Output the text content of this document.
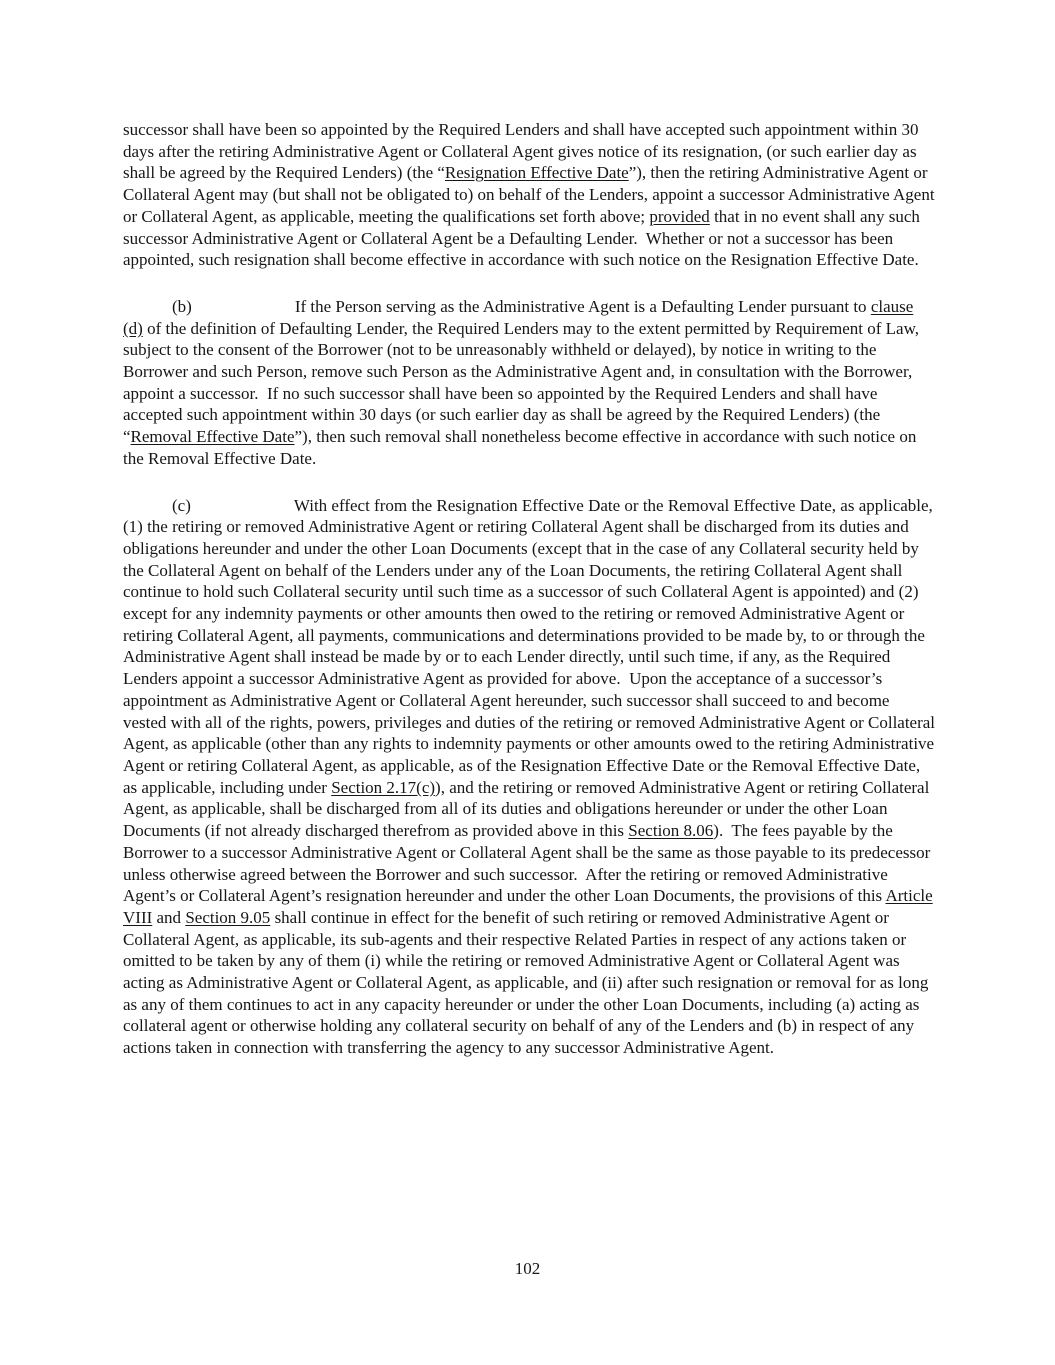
successor shall have been so appointed by the Required Lenders and shall have accepted such appointment within 30 days after the retiring Administrative Agent or Collateral Agent gives notice of its resignation, (or such earlier day as shall be agreed by the Required Lenders) (the “Resignation Effective Date”), then the retiring Administrative Agent or Collateral Agent may (but shall not be obligated to) on behalf of the Lenders, appoint a successor Administrative Agent or Collateral Agent, as applicable, meeting the qualifications set forth above; provided that in no event shall any such successor Administrative Agent or Collateral Agent be a Defaulting Lender.  Whether or not a successor has been appointed, such resignation shall become effective in accordance with such notice on the Resignation Effective Date.

(b)	If the Person serving as the Administrative Agent is a Defaulting Lender pursuant to clause (d) of the definition of Defaulting Lender, the Required Lenders may to the extent permitted by Requirement of Law, subject to the consent of the Borrower (not to be unreasonably withheld or delayed), by notice in writing to the Borrower and such Person, remove such Person as the Administrative Agent and, in consultation with the Borrower, appoint a successor.  If no such successor shall have been so appointed by the Required Lenders and shall have accepted such appointment within 30 days (or such earlier day as shall be agreed by the Required Lenders) (the “Removal Effective Date”), then such removal shall nonetheless become effective in accordance with such notice on the Removal Effective Date.

(c)	With effect from the Resignation Effective Date or the Removal Effective Date, as applicable, (1) the retiring or removed Administrative Agent or retiring Collateral Agent shall be discharged from its duties and obligations hereunder and under the other Loan Documents (except that in the case of any Collateral security held by the Collateral Agent on behalf of the Lenders under any of the Loan Documents, the retiring Collateral Agent shall continue to hold such Collateral security until such time as a successor of such Collateral Agent is appointed) and (2) except for any indemnity payments or other amounts then owed to the retiring or removed Administrative Agent or retiring Collateral Agent, all payments, communications and determinations provided to be made by, to or through the Administrative Agent shall instead be made by or to each Lender directly, until such time, if any, as the Required Lenders appoint a successor Administrative Agent as provided for above.  Upon the acceptance of a successor’s appointment as Administrative Agent or Collateral Agent hereunder, such successor shall succeed to and become vested with all of the rights, powers, privileges and duties of the retiring or removed Administrative Agent or Collateral Agent, as applicable (other than any rights to indemnity payments or other amounts owed to the retiring Administrative Agent or retiring Collateral Agent, as applicable, as of the Resignation Effective Date or the Removal Effective Date, as applicable, including under Section 2.17(c)), and the retiring or removed Administrative Agent or retiring Collateral Agent, as applicable, shall be discharged from all of its duties and obligations hereunder or under the other Loan Documents (if not already discharged therefrom as provided above in this Section 8.06).  The fees payable by the Borrower to a successor Administrative Agent or Collateral Agent shall be the same as those payable to its predecessor unless otherwise agreed between the Borrower and such successor.  After the retiring or removed Administrative Agent’s or Collateral Agent’s resignation hereunder and under the other Loan Documents, the provisions of this Article VIII and Section 9.05 shall continue in effect for the benefit of such retiring or removed Administrative Agent or Collateral Agent, as applicable, its sub-agents and their respective Related Parties in respect of any actions taken or omitted to be taken by any of them (i) while the retiring or removed Administrative Agent or Collateral Agent was acting as Administrative Agent or Collateral Agent, as applicable, and (ii) after such resignation or removal for as long as any of them continues to act in any capacity hereunder or under the other Loan Documents, including (a) acting as collateral agent or otherwise holding any collateral security on behalf of any of the Lenders and (b) in respect of any actions taken in connection with transferring the agency to any successor Administrative Agent.

102
